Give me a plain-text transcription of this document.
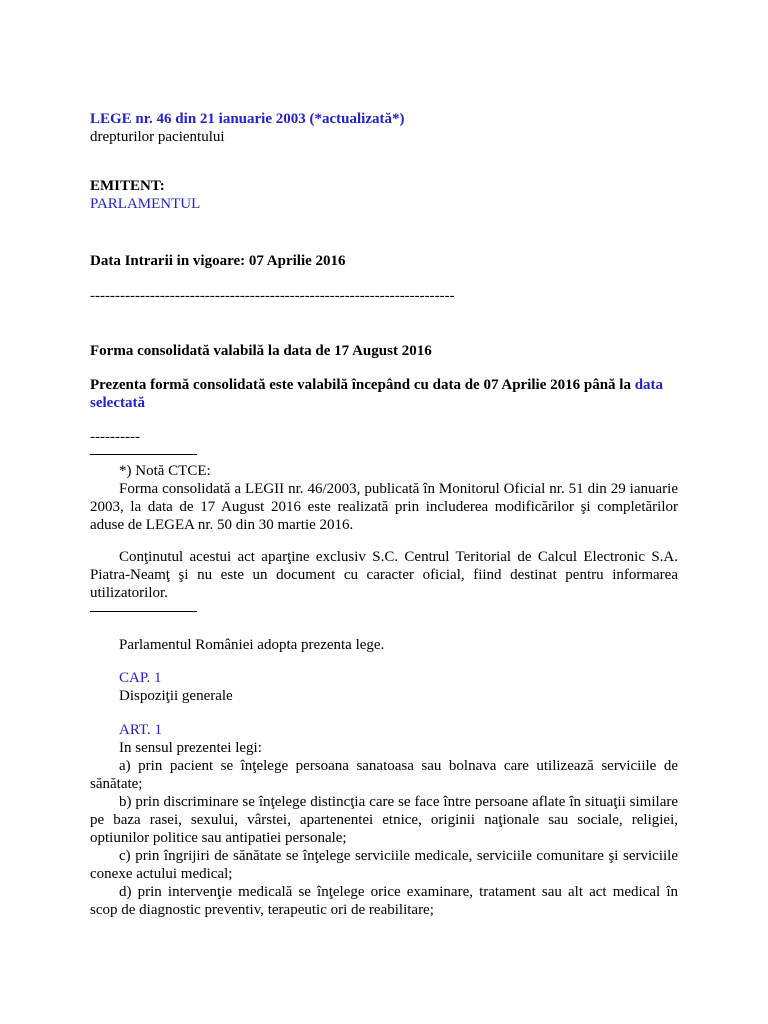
LEGE nr. 46 din 21 ianuarie 2003 (*actualizată*)
drepturilor pacientului
EMITENT:
PARLAMENTUL
Data Intrarii in vigoare: 07 Aprilie 2016
-------------------------------------------------------------------------
Forma consolidată valabilă la data de 17 August 2016
Prezenta formă consolidată este valabilă începând cu data de 07 Aprilie 2016 până la data selectată
----------
*) Notă CTCE:

Forma consolidată a LEGII nr. 46/2003, publicată în Monitorul Oficial nr. 51 din 29 ianuarie 2003, la data de 17 August 2016 este realizată prin includerea modificărilor şi completărilor aduse de LEGEA nr. 50 din 30 martie 2016.

Conţinutul acestui act aparţine exclusiv S.C. Centrul Teritorial de Calcul Electronic S.A. Piatra-Neamţ şi nu este un document cu caracter oficial, fiind destinat pentru informarea utilizatorilor.

Parlamentul României adopta prezenta lege.
CAP. 1
Dispoziţii generale
ART. 1
In sensul prezentei legi:

a) prin pacient se înţelege persoana sanatoasa sau bolnava care utilizează serviciile de sănătate;

b) prin discriminare se înţelege distincţia care se face între persoane aflate în situaţii similare pe baza rasei, sexului, vârstei, apartenentei etnice, originii naţionale sau sociale, religiei, optiunilor politice sau antipatiei personale;

c) prin îngrijiri de sănătate se înţelege serviciile medicale, serviciile comunitare şi serviciile conexe actului medical;

d) prin intervenţie medicală se înţelege orice examinare, tratament sau alt act medical în scop de diagnostic preventiv, terapeutic ori de reabilitare;
